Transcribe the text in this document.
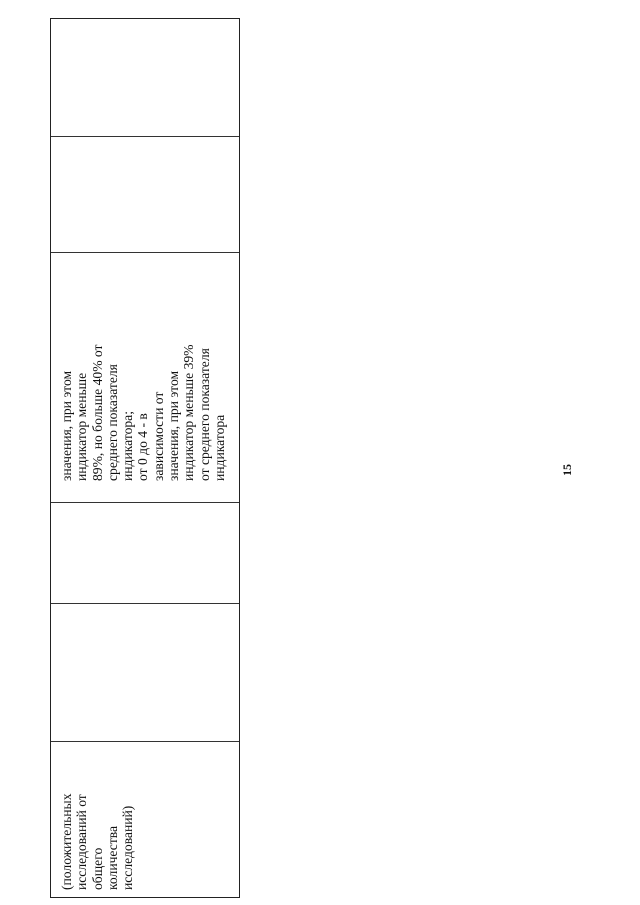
(положительных исследований от общего количества исследований)
значения, при этом индикатор меньше 89%, но больше 40% от среднего показателя индикатора; от 0 до 4 - в зависимости от значения, при этом индикатор меньше 39% от среднего показателя индикатора	15
